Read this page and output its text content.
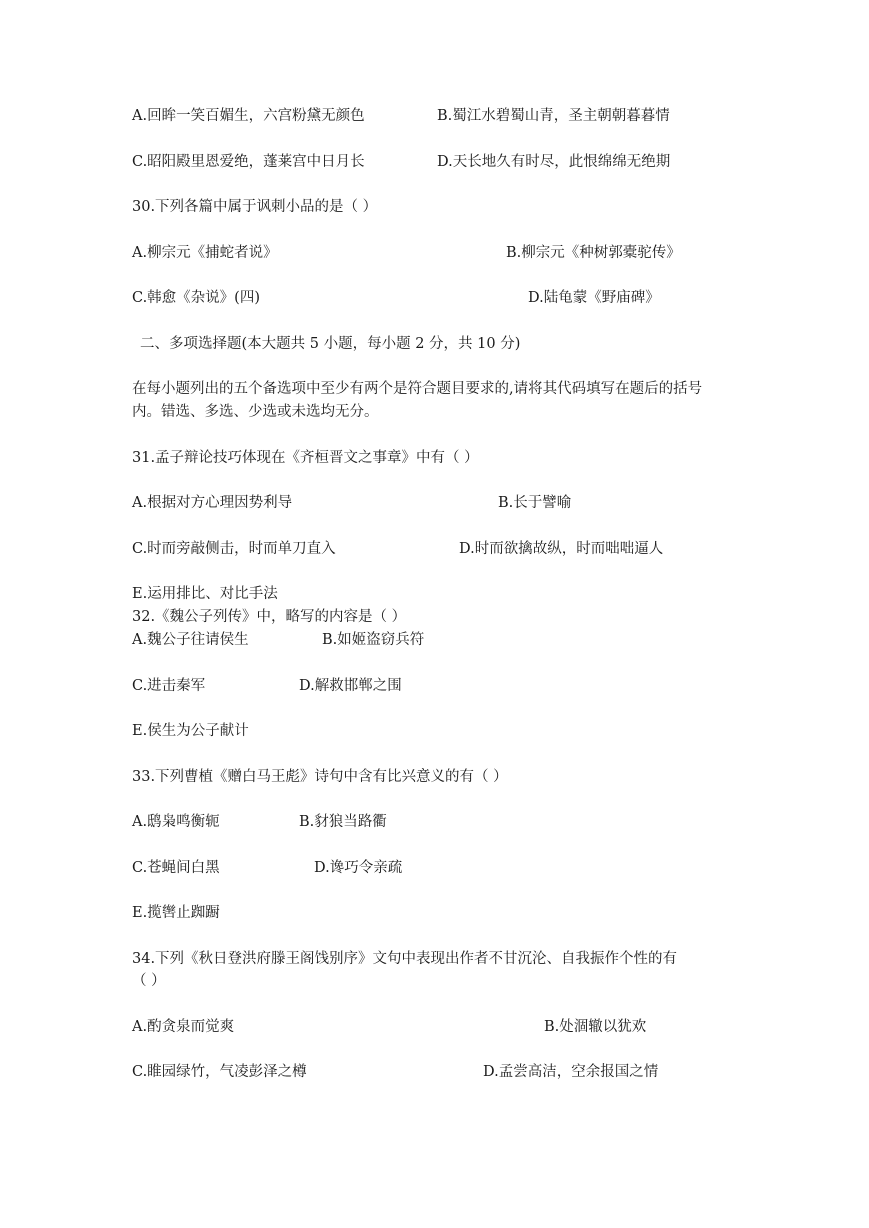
A.回眸一笑百媚生，六宫粉黛无颜色	B.蜀江水碧蜀山青，圣主朝朝暮暮情
C.昭阳殿里恩爱绝，蓬莱宫中日月长	D.天长地久有时尽，此恨绵绵无绝期
30.下列各篇中属于讽刺小品的是（ ）
A.柳宗元《捕蛇者说》	B.柳宗元《种树郭橐驼传》
C.韩愈《杂说》(四)	D.陆龟蒙《野庙碑》
二、多项选择题(本大题共 5 小题，每小题 2 分，共 10 分)
在每小题列出的五个备选项中至少有两个是符合题目要求的,请将其代码填写在题后的括号
内。错选、多选、少选或未选均无分。
31.孟子辩论技巧体现在《齐桓晋文之事章》中有（ ）
A.根据对方心理因势利导	B.长于譬喻
C.时而旁敲侧击，时而单刀直入	D.时而欲擒故纵，时而咄咄逼人
E.运用排比、对比手法
32.《魏公子列传》中，略写的内容是（ ）
A.魏公子往请侯生	B.如姬盗窃兵符
C.进击秦军	D.解救邯郸之围
E.侯生为公子献计
33.下列曹植《赠白马王彪》诗句中含有比兴意义的有（ ）
A.鸱枭鸣衡轭	B.豺狼当路衢
C.苍蝇间白黑	D.谗巧令亲疏
E.揽辔止踟蹰
34.下列《秋日登洪府滕王阁饯别序》文句中表现出作者不甘沉沦、自我振作个性的有
（ ）
A.酌贪泉而觉爽	B.处涸辙以犹欢
C.睢园绿竹，气凌彭泽之樽	D.孟尝高洁，空余报国之情
